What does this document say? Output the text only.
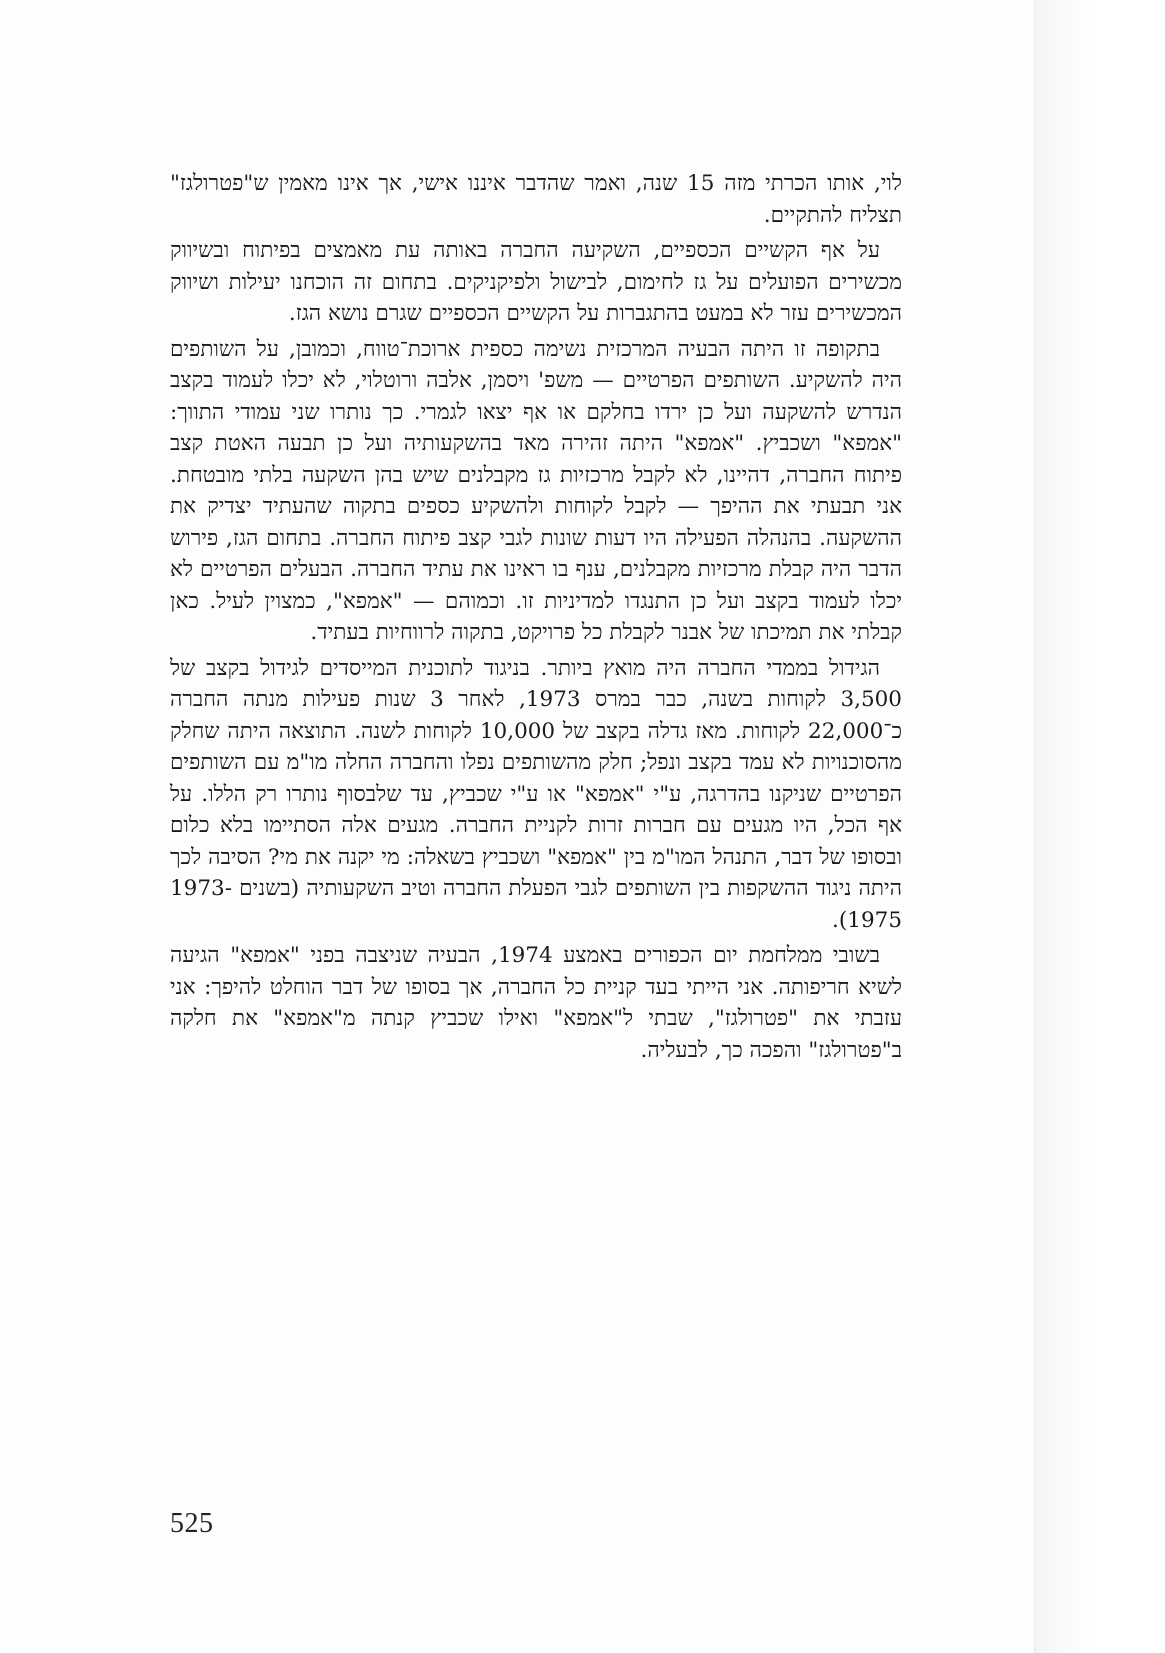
לוי, אותו הכרתי מזה 15 שנה, ואמר שהדבר איננו אישי, אך אינו מאמין ש"פטרולגז" תצליח להתקיים.

על אף הקשיים הכספיים, השקיעה החברה באותה עת מאמצים בפיתוח ובשיווק מכשירים הפועלים על גז לחימום, לבישול ולפיקניקים. בתחום זה הוכחנו יעילות ושיווק המכשירים עזר לא במעט בהתגברות על הקשיים הכספיים שגרם נושא הגז.

בתקופה זו היתה הבעיה המרכזית נשימה כספית ארוכת־טווח, וכמובן, על השותפים היה להשקיע. השותפים הפרטיים — משפ' ויסמן, אלבה ורוטלוי, לא יכלו לעמוד בקצב הנדרש להשקעה ועל כן ירדו בחלקם או אף יצאו לגמרי. כך נותרו שני עמודי התווך: "אמפא" ושכביץ. "אמפא" היתה זהירה מאד בהשקעותיה ועל כן תבעה האטת קצב פיתוח החברה, דהיינו, לא לקבל מרכזיות גז מקבלנים שיש בהן השקעה בלתי מובטחת. אני תבעתי את ההיפך — לקבל לקוחות ולהשקיע כספים בתקוה שהעתיד יצדיק את ההשקעה. בהנהלה הפעילה היו דעות שונות לגבי קצב פיתוח החברה. בתחום הגז, פירוש הדבר היה קבלת מרכזיות מקבלנים, ענף בו ראינו את עתיד החברה. הבעלים הפרטיים לא יכלו לעמוד בקצב ועל כן התנגדו למדיניות זו. וכמוהם — "אמפא", כמצוין לעיל. כאן קבלתי את תמיכתו של אבנר לקבלת כל פרויקט, בתקוה לרווחיות בעתיד.

הגידול בממדי החברה היה מואץ ביותר. בניגוד לתוכנית המייסדים לגידול בקצב של 3,500 לקוחות בשנה, כבר במרס 1973, לאחר 3 שנות פעילות מנתה החברה כ־22,000 לקוחות. מאז גדלה בקצב של 10,000 לקוחות לשנה. התוצאה היתה שחלק מהסוכנויות לא עמד בקצב ונפל; חלק מהשותפים נפלו והחברה החלה מו"מ עם השותפים הפרטיים שניקנו בהדרגה, ע"י "אמפא" או ע"י שכביץ, עד שלבסוף נותרו רק הללו. על אף הכל, היו מגעים עם חברות זרות לקניית החברה. מגעים אלה הסתיימו בלא כלום ובסופו של דבר, התנהל המו"מ בין "אמפא" ושכביץ בשאלה: מי יקנה את מי? הסיבה לכך היתה ניגוד ההשקפות בין השותפים לגבי הפעלת החברה וטיב השקעותיה (בשנים 1973-1975).

בשובי ממלחמת יום הכפורים באמצע 1974, הבעיה שניצבה בפני "אמפא" הגיעה לשיא חריפותה. אני הייתי בעד קניית כל החברה, אך בסופו של דבר הוחלט להיפך: אני עזבתי את "פטרולגז", שבתי ל"אמפא" ואילו שכביץ קנתה מ"אמפא" את חלקה ב"פטרולגז" והפכה כך, לבעליה.

525
